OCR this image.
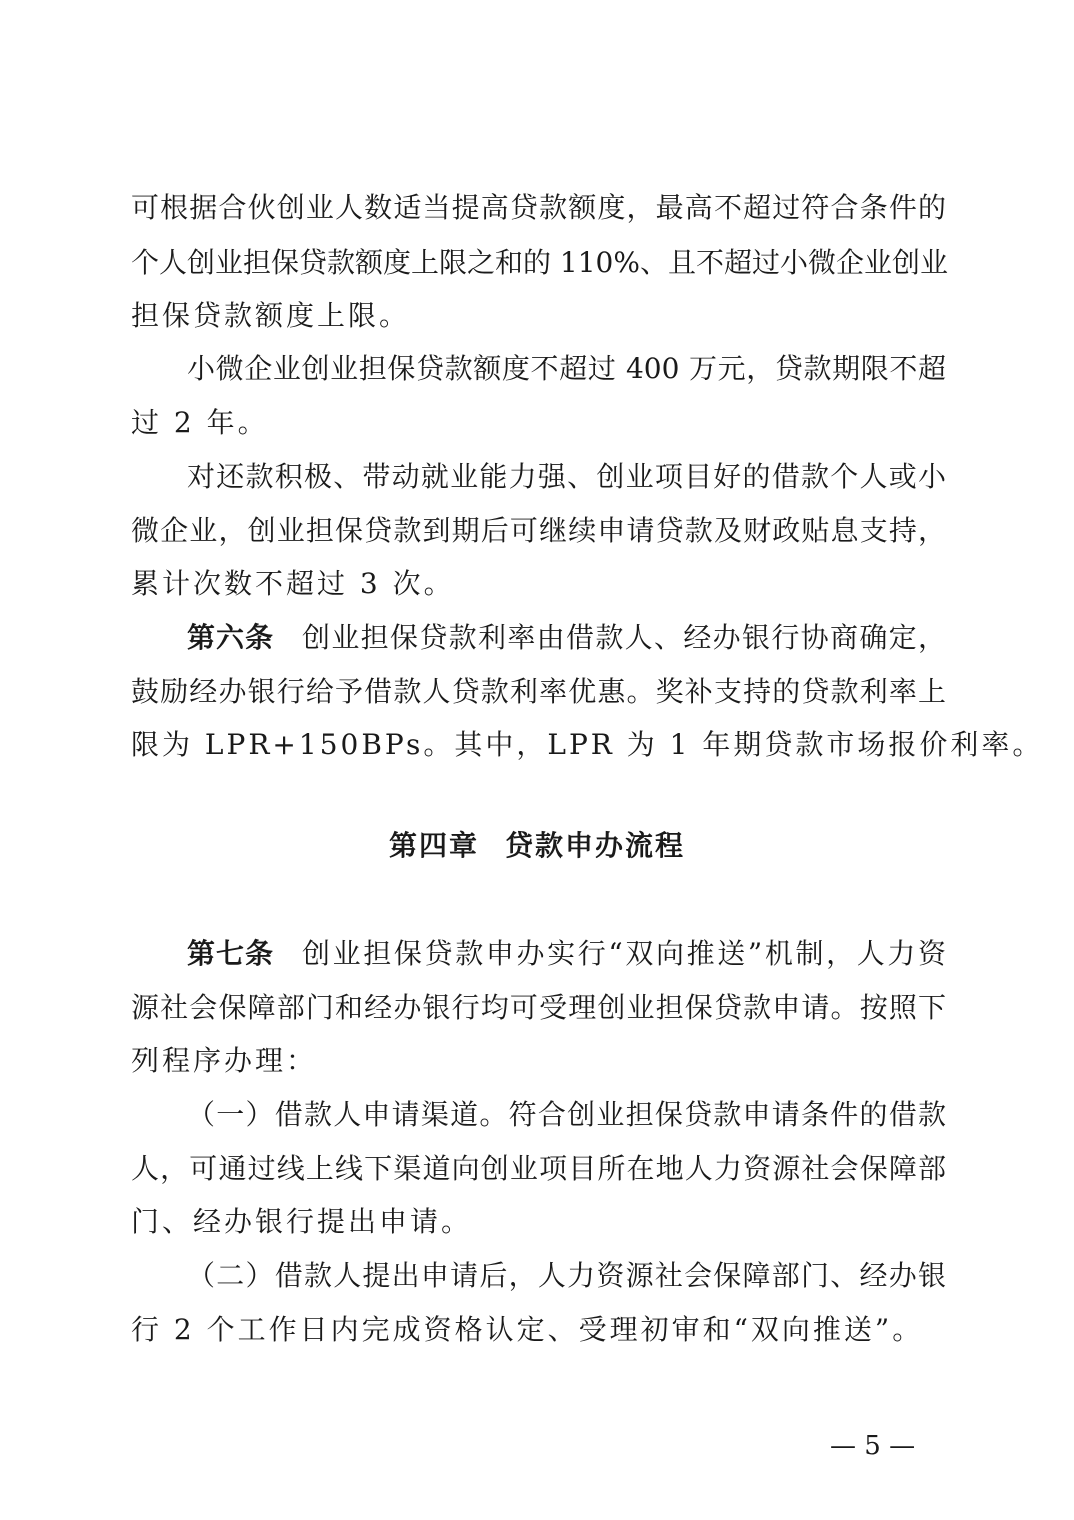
可根据合伙创业人数适当提高贷款额度，最高不超过符合条件的
个人创业担保贷款额度上限之和的 110%、且不超过小微企业创业
担保贷款额度上限。
小微企业创业担保贷款额度不超过 400 万元，贷款期限不超
过 2 年。
对还款积极、带动就业能力强、创业项目好的借款个人或小
微企业，创业担保贷款到期后可继续申请贷款及财政贴息支持，
累计次数不超过 3 次。
第六条 创业担保贷款利率由借款人、经办银行协商确定，
鼓励经办银行给予借款人贷款利率优惠。奖补支持的贷款利率上
限为 LPR+150BPs。其中，LPR 为 1 年期贷款市场报价利率。
第四章 贷款申办流程
第七条 创业担保贷款申办实行“双向推送”机制，人力资
源社会保障部门和经办银行均可受理创业担保贷款申请。按照下
列程序办理：
（一）借款人申请渠道。符合创业担保贷款申请条件的借款
人，可通过线上线下渠道向创业项目所在地人力资源社会保障部
门、经办银行提出申请。
（二）借款人提出申请后，人力资源社会保障部门、经办银
行 2 个工作日内完成资格认定、受理初审和“双向推送”。
— 5 —
